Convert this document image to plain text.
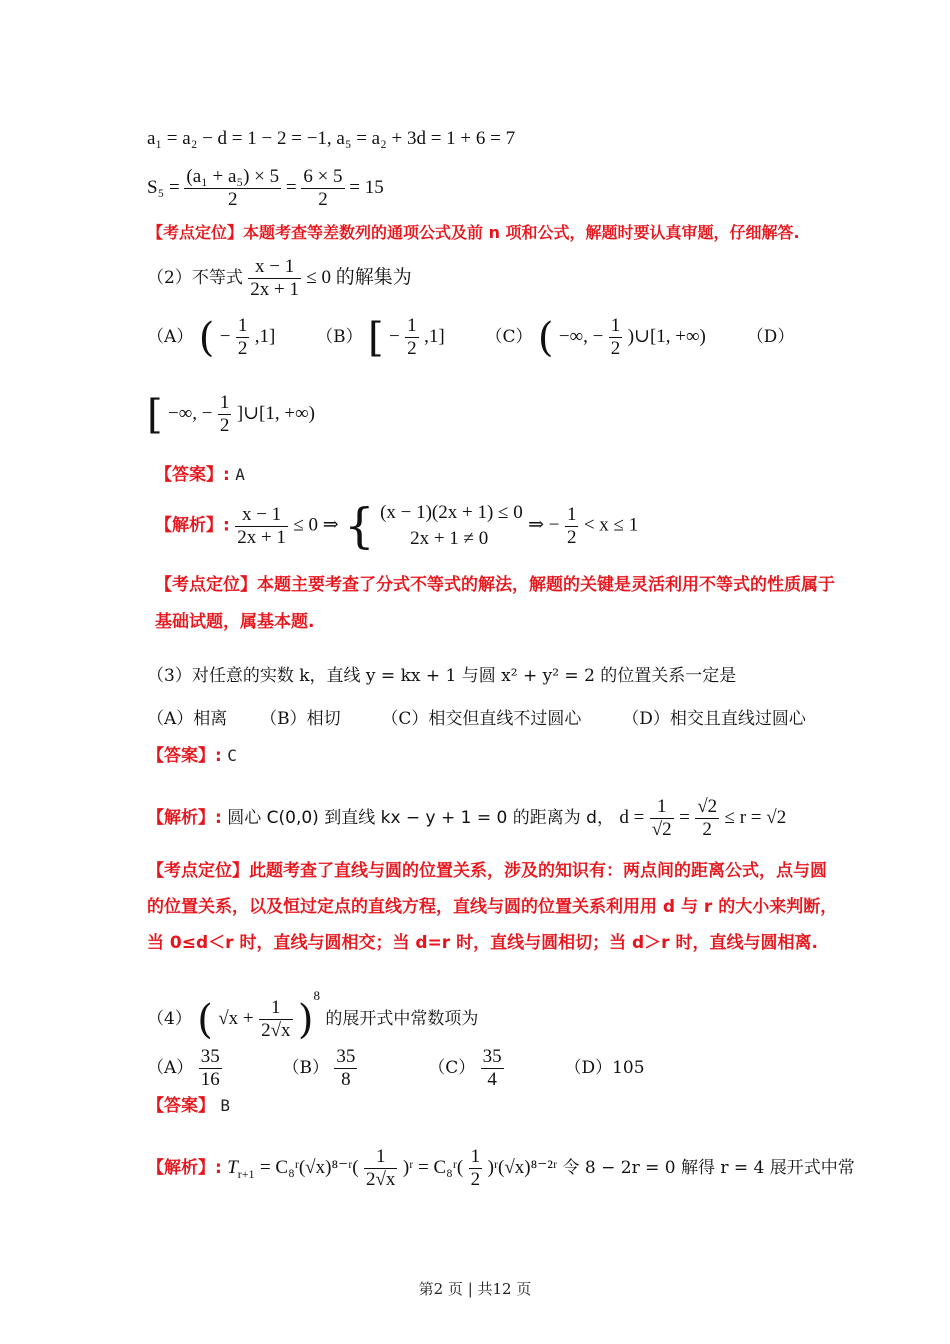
a₁ = a₂ − d = 1 − 2 = −1, a₅ = a₂ + 3d = 1 + 6 = 7
$S_5 = \frac{\text{(a₁ + a₅) × 5}}{2} = \frac{6 \times 5}{2} = 15$
【考点定位】本题考查等差数列的通项公式及前 n 项和公式，解题时要认真审题，仔细解答.
（2）不等式 $\frac{x - 1}{2x + 1} \le 0$ 的解集为
（A） ( − $\frac{1}{2} ,1$] （B） [ − $\frac{1}{2} ,1$] （C） ( −∞, − $\frac{1}{2}$ )∪[1, +∞) （D）
[ −∞, − $\frac{1}{2}$ ]∪[1, +∞)
【答案】: A
【解析】: $\frac{x - 1}{2x + 1} \le 0$ ⇒ { (x − 1)(2x + 1) ≤ 0
2x + 1 ≠ 0
⇒ − $\frac{1}{2} < x \le 1$
【考点定位】本题主要考查了分式不等式的解法，解题的关键是灵活利用不等式的性质属于
基础试题，属基本题.
（3）对任意的实数 k，直线 y = kx + 1 与圆 x² + y² = 2 的位置关系一定是
（A）相离 （B）相切 （C）相交但直线不过圆心 （D）相交且直线过圆心
【答案】: C
【解析】: 圆心 C(0,0) 到直线 kx − y + 1 = 0 的距离为 d， $d = \frac{1}{√2} = \frac{√2}{2} \le r = √2$
【考点定位】此题考查了直线与圆的位置关系，涉及的知识有：两点间的距离公式，点与圆
的位置关系，以及恒过定点的直线方程，直线与圆的位置关系利用用 d 与 r 的大小来判断，
当 0≤d＜r 时，直线与圆相交；当 d=r 时，直线与圆相切；当 d＞r 时，直线与圆相离.
（4） ( $√x + \frac{1}{2√x} )^8$ 的展开式中常数项为
$(A) \frac{35}{16}$	$(B) \frac{35}{8}$	$(C) \frac{35}{4}$	（D）105
【答案】 B
【解析】: $T_{r+1}$ = C₈ʳ(√x)⁸⁻ʳ( $\frac{1}{2√x}$ )ʳ = C₈ʳ( $\frac{1}{2}$ )ʳ(√x)⁸⁻²ʳ 令 8 − 2r = 0 解得 r = 4 展开式中常
第2 页 | 共12 页
